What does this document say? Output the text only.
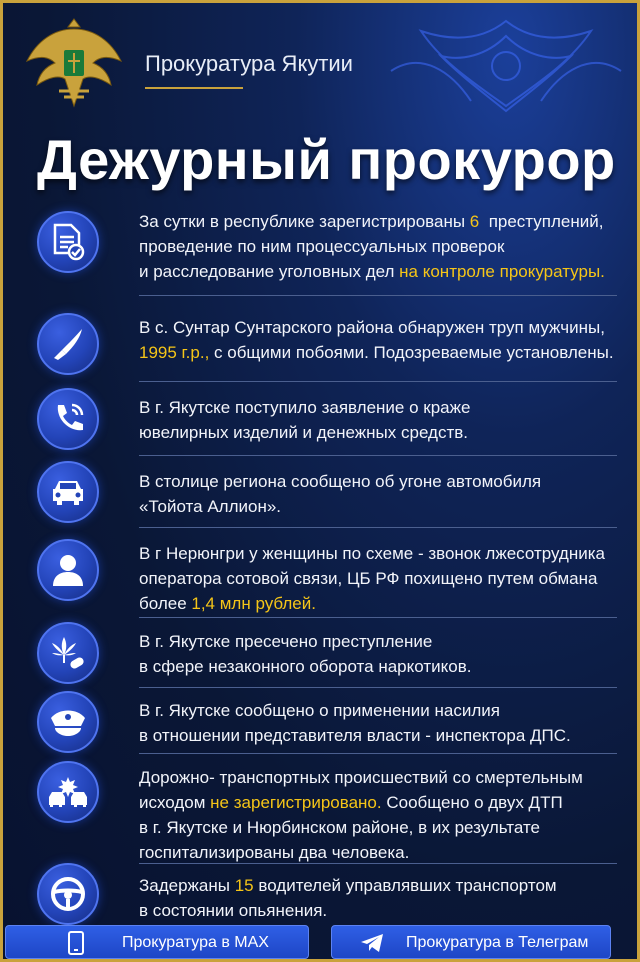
Прокуратура Якутии
Дежурный прокурор
За сутки в республике зарегистрированы 6  преступлений,
проведение по ним процессуальных проверок
и расследование уголовных дел на контроле прокуратуры.
В с. Сунтар Сунтарского района обнаружен труп мужчины,
1995 г.р., с общими побоями. Подозреваемые установлены.
В г. Якутске поступило заявление о краже
ювелирных изделий и денежных средств.
В столице региона сообщено об угоне автомобиля
«Тойота Аллион».
В г Нерюнгри у женщины по схеме - звонок лжесотрудника
оператора сотовой связи, ЦБ РФ похищено путем обмана
более 1,4 млн рублей.
В г. Якутске пресечено преступление
в сфере незаконного оборота наркотиков.
В г. Якутске сообщено о применении насилия
в отношении представителя власти - инспектора ДПС.
Дорожно- транспортных происшествий со смертельным
исходом не зарегистрировано. Сообщено о двух ДТП
в г. Якутске и Нюрбинском районе, в их результате
госпитализированы два человека.
Задержаны 15 водителей управлявших транспортом
в состоянии опьянения.
Прокуратура в MAX	Прокуратура в Телеграм
